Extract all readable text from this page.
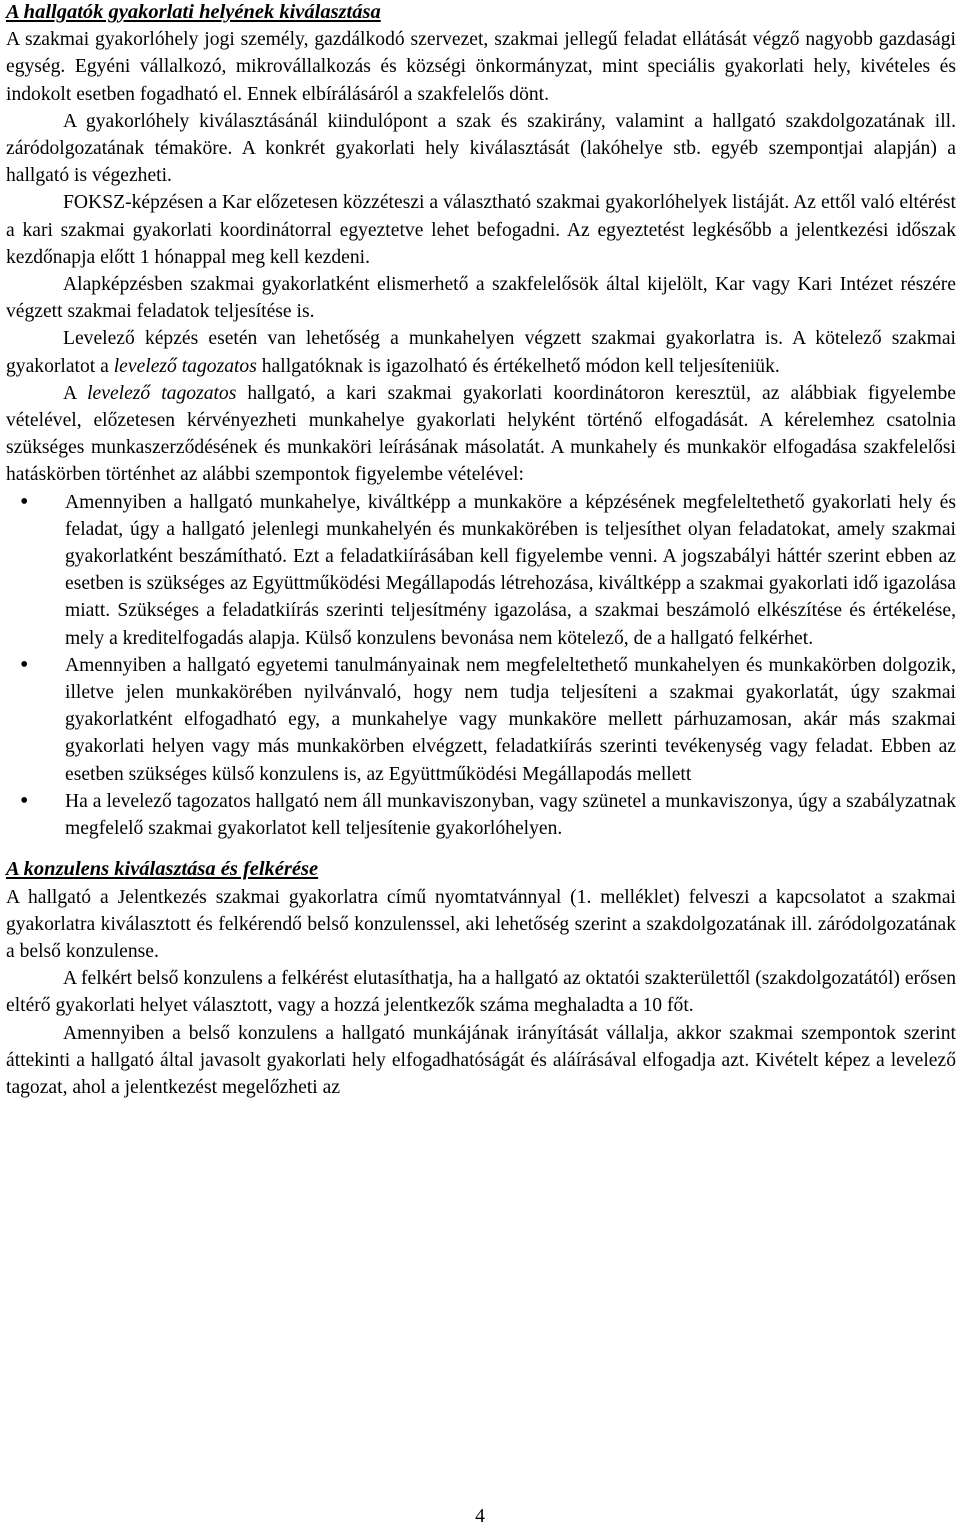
A hallgatók gyakorlati helyének kiválasztása

A szakmai gyakorlóhely jogi személy, gazdálkodó szervezet, szakmai jellegű feladat ellátását végző nagyobb gazdasági egység. Egyéni vállalkozó, mikrovállalkozás és községi önkormányzat, mint speciális gyakorlati hely, kivételes és indokolt esetben fogadható el. Ennek elbírálásáról a szakfelelős dönt.

A gyakorlóhely kiválasztásánál kiindulópont a szak és szakirány, valamint a hallgató szakdolgozatának ill. záródolgozatának témaköre. A konkrét gyakorlati hely kiválasztását (lakóhelye stb. egyéb szempontjai alapján) a hallgató is végezheti.

FOKSZ-képzésen a Kar előzetesen közzéteszi a választható szakmai gyakorlóhelyek listáját. Az ettől való eltérést a kari szakmai gyakorlati koordinátorral egyeztetve lehet befogadni. Az egyeztetést legkésőbb a jelentkezési időszak kezdőnapja előtt 1 hónappal meg kell kezdeni.

Alapképzésben szakmai gyakorlatként elismerhető a szakfelelősök által kijelölt, Kar vagy Kari Intézet részére végzett szakmai feladatok teljesítése is.

Levelező képzés esetén van lehetőség a munkahelyen végzett szakmai gyakorlatra is. A kötelező szakmai gyakorlatot a levelező tagozatos hallgatóknak is igazolható és értékelhető módon kell teljesíteniük.

A levelező tagozatos hallgató, a kari szakmai gyakorlati koordinátoron keresztül, az alábbiak figyelembe vételével, előzetesen kérvényezheti munkahelye gyakorlati helyként történő elfogadását. A kérelemhez csatolnia szükséges munkaszerződésének és munkaköri leírásának másolatát. A munkahely és munkakör elfogadása szakfelelősi hatáskörben történhet az alábbi szempontok figyelembe vételével:

• Amennyiben a hallgató munkahelye, kiváltképp a munkaköre a képzésének megfeleltethető gyakorlati hely és feladat, úgy a hallgató jelenlegi munkahelyén és munkakörében is teljesíthet olyan feladatokat, amely szakmai gyakorlatként beszámítható. Ezt a feladatkiírásában kell figyelembe venni. A jogszabályi háttér szerint ebben az esetben is szükséges az Együttműködési Megállapodás létrehozása, kiváltképp a szakmai gyakorlati idő igazolása miatt. Szükséges a feladatkiírás szerinti teljesítmény igazolása, a szakmai beszámoló elkészítése és értékelése, mely a kreditelfogadás alapja. Külső konzulens bevonása nem kötelező, de a hallgató felkérhet.
• Amennyiben a hallgató egyetemi tanulmányainak nem megfeleltethető munkahelyen és munkakörben dolgozik, illetve jelen munkakörében nyilvánvaló, hogy nem tudja teljesíteni a szakmai gyakorlatát, úgy szakmai gyakorlatként elfogadható egy, a munkahelye vagy munkaköre mellett párhuzamosan, akár más szakmai gyakorlati helyen vagy más munkakörben elvégzett, feladatkiírás szerinti tevékenység vagy feladat. Ebben az esetben szükséges külső konzulens is, az Együttműködési Megállapodás mellett
• Ha a levelező tagozatos hallgató nem áll munkaviszonyban, vagy szünetel a munkaviszonya, úgy a szabályzatnak megfelelő szakmai gyakorlatot kell teljesítenie gyakorlóhelyen.
A konzulens kiválasztása és felkérése

A hallgató a Jelentkezés szakmai gyakorlatra című nyomtatvánnyal (1. melléklet) felveszi a kapcsolatot a szakmai gyakorlatra kiválasztott és felkérendő belső konzulenssel, aki lehetőség szerint a szakdolgozatának ill. záródolgozatának a belső konzulense.

A felkért belső konzulens a felkérést elutasíthatja, ha a hallgató az oktatói szakterülettől (szakdolgozatától) erősen eltérő gyakorlati helyet választott, vagy a hozzá jelentkezők száma meghaladta a 10 főt.

Amennyiben a belső konzulens a hallgató munkájának irányítását vállalja, akkor szakmai szempontok szerint áttekinti a hallgató által javasolt gyakorlati hely elfogadhatóságát és aláírásával elfogadja azt. Kivételt képez a levelező tagozat, ahol a jelentkezést megelőzheti az

4
